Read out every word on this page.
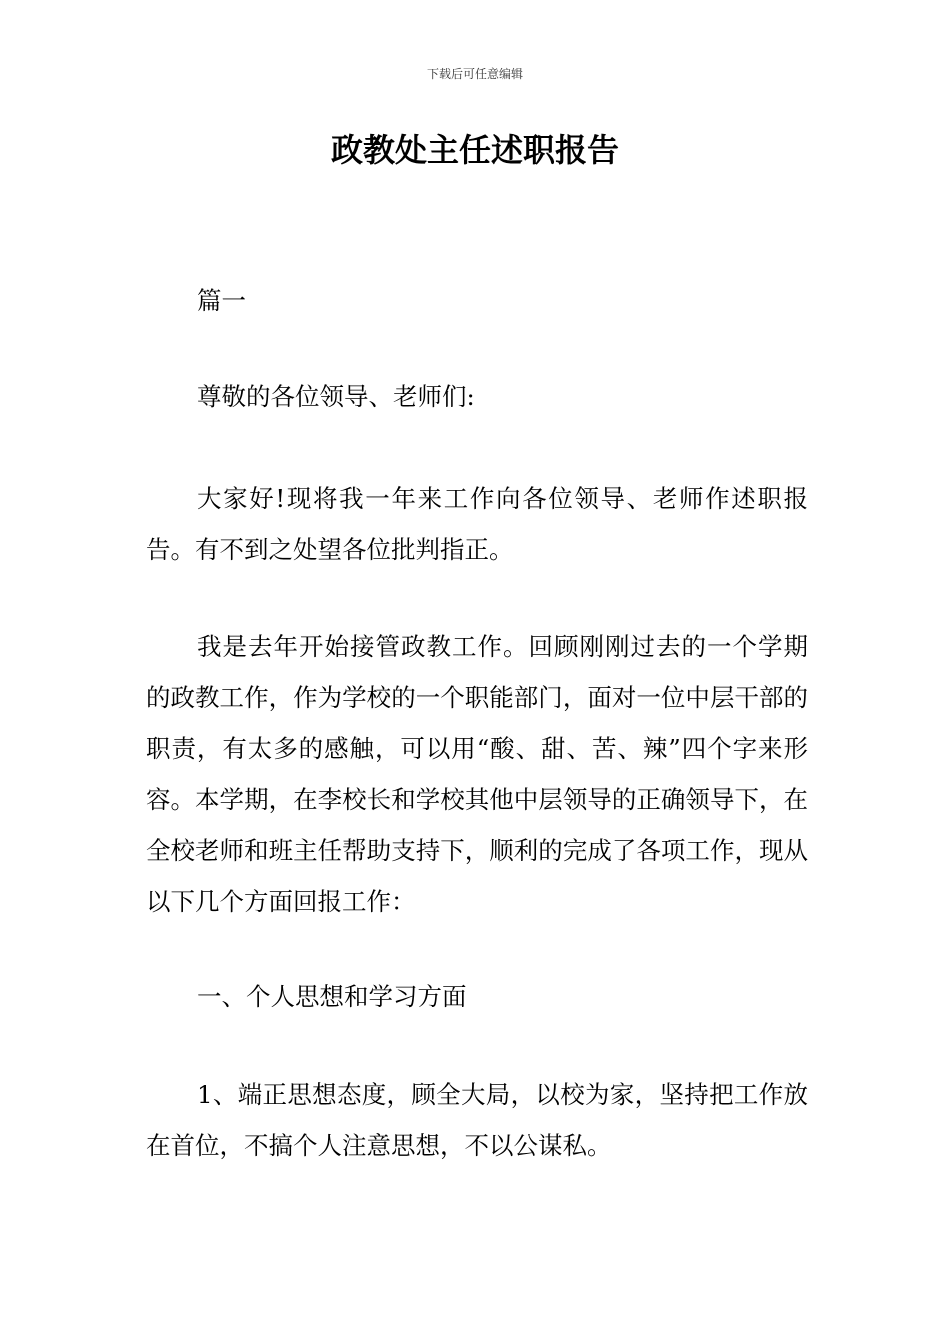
下载后可任意编辑
政教处主任述职报告
篇一
尊敬的各位领导、老师们:
大家好!现将我一年来工作向各位领导、老师作述职报告。有不到之处望各位批判指正。
我是去年开始接管政教工作。回顾刚刚过去的一个学期的政教工作，作为学校的一个职能部门，面对一位中层干部的职责，有太多的感触，可以用“酸、甜、苦、辣”四个字来形容。本学期，在李校长和学校其他中层领导的正确领导下，在全校老师和班主任帮助支持下，顺利的完成了各项工作，现从以下几个方面回报工作：
一、个人思想和学习方面
1、端正思想态度，顾全大局，以校为家，坚持把工作放在首位，不搞个人注意思想，不以公谋私。
